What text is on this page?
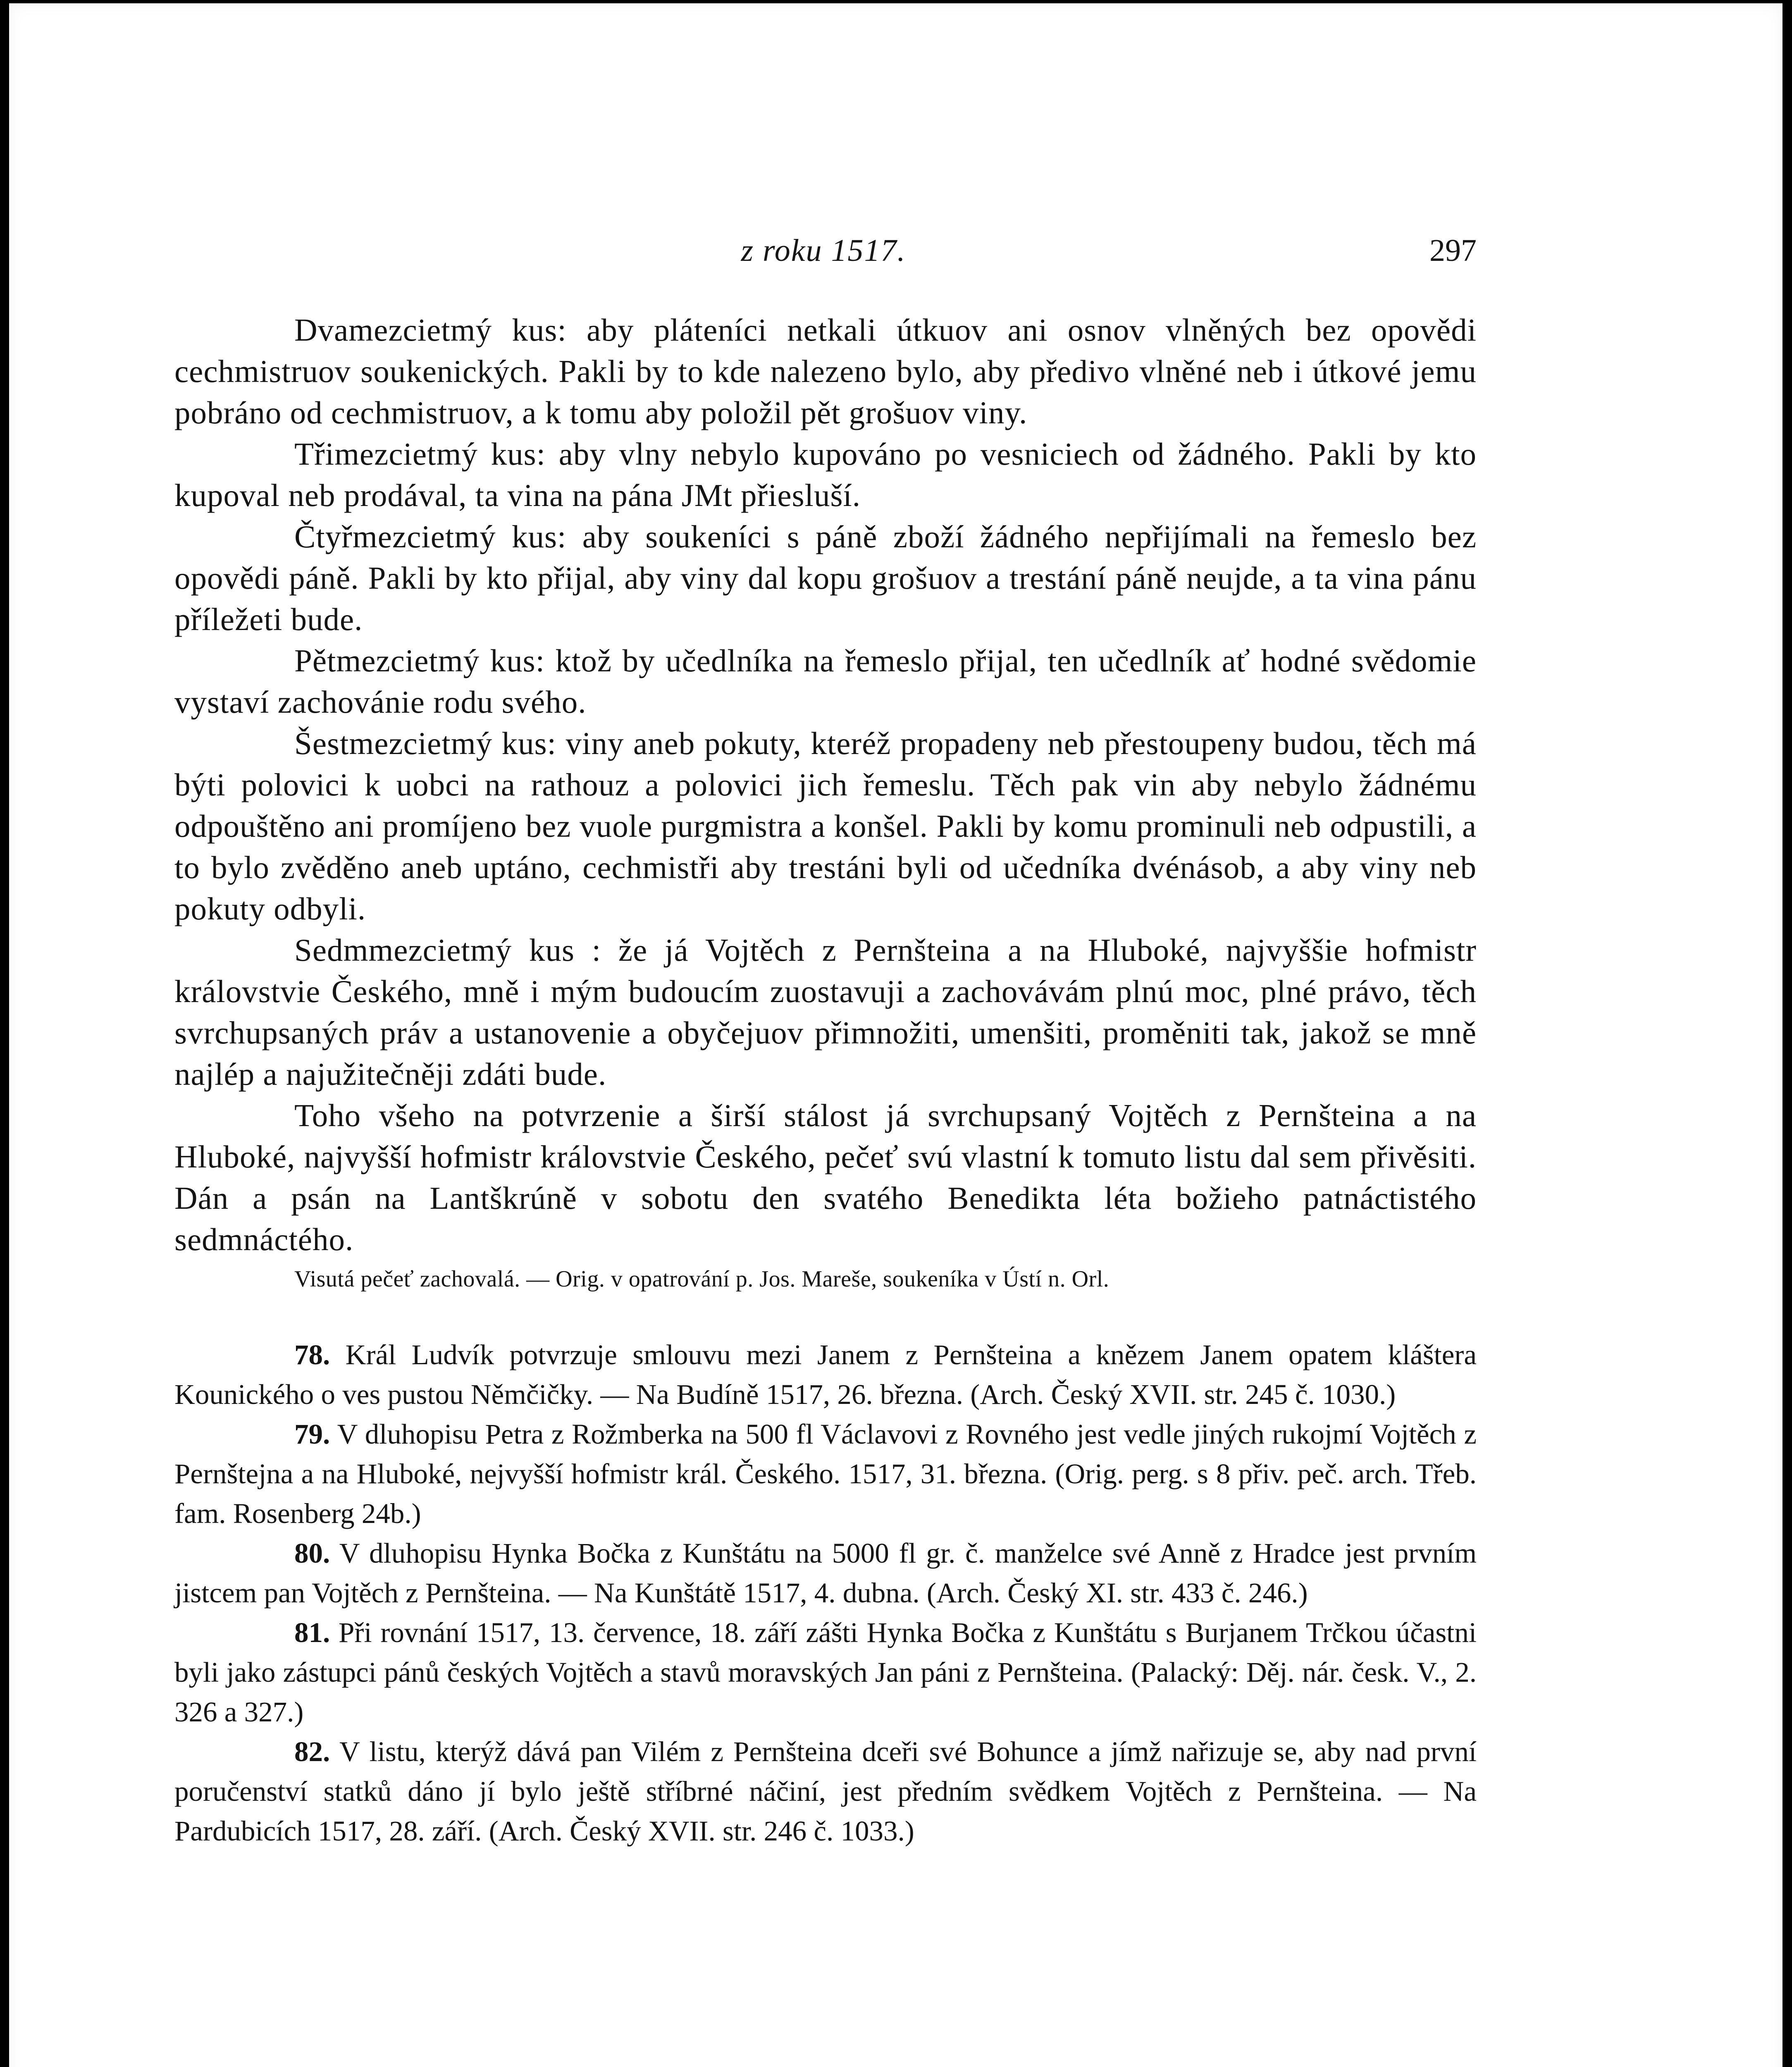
z roku 1517.	297

Dvamezcietmý kus: aby pláteníci netkali útkuov ani osnov vlněných bez opovědi cechmistruov soukenických. Pakli by to kde nalezeno bylo, aby předivo vlněné neb i útkové jemu pobráno od cechmistruov, a k tomu aby položil pět grošuov viny.

Třimezcietmý kus: aby vlny nebylo kupováno po vesniciech od žádného. Pakli by kto kupoval neb prodával, ta vina na pána JMt přiesluší.

Čtyřmezcietmý kus: aby soukeníci s páně zboží žádného nepřijímali na řemeslo bez opovědi páně. Pakli by kto přijal, aby viny dal kopu grošuov a trestání páně neujde, a ta vina pánu příležeti bude.

Pětmezcietmý kus: ktož by učedlníka na řemeslo přijal, ten učedlník ať hodné svědomie vystaví zachovánie rodu svého.

Šestmezcietmý kus: viny aneb pokuty, kteréž propadeny neb přestoupeny budou, těch má býti polovici k uobci na rathouz a polovici jich řemeslu. Těch pak vin aby nebylo žádnému odpouštěno ani promíjeno bez vuole purgmistra a konšel. Pakli by komu prominuli neb odpustili, a to bylo zvěděno aneb uptáno, cechmistři aby trestáni byli od učedníka dvénásob, a aby viny neb pokuty odbyli.

Sedmmezcietmý kus : že já Vojtěch z Pernšteina a na Hluboké, najvyššie hofmistr královstvie Českého, mně i mým budoucím zuostavuji a zachovávám plnú moc, plné právo, těch svrchupsaných práv a ustanovenie a obyčejuov přimnožiti, umenšiti, proměniti tak, jakož se mně najlép a najužitečněji zdáti bude.

Toho všeho na potvrzenie a širší stálost já svrchupsaný Vojtěch z Pernšteina a na Hluboké, najvyšší hofmistr královstvie Českého, pečeť svú vlastní k tomuto listu dal sem přivěsiti. Dán a psán na Lantškrúně v sobotu den svatého Benedikta léta božieho patnáctistého sedmnáctého.

Visutá pečeť zachovalá. — Orig. v opatrování p. Jos. Mareše, soukeníka v Ústí n. Orl.

78. Král Ludvík potvrzuje smlouvu mezi Janem z Pernšteina a knězem Janem opatem kláštera Kounického o ves pustou Němčičky. — Na Budíně 1517, 26. března. (Arch. Český XVII. str. 245 č. 1030.)

79. V dluhopisu Petra z Rožmberka na 500 fl Václavovi z Rovného jest vedle jiných rukojmí Vojtěch z Pernštejna a na Hluboké, nejvyšší hofmistr král. Českého. 1517, 31. března. (Orig. perg. s 8 přiv. peč. arch. Třeb. fam. Rosenberg 24b.)

80. V dluhopisu Hynka Bočka z Kunštátu na 5000 fl gr. č. manželce své Anně z Hradce jest prvním jistcem pan Vojtěch z Pernšteina. — Na Kunštátě 1517, 4. dubna. (Arch. Český XI. str. 433 č. 246.)

81. Při rovnání 1517, 13. července, 18. září zášti Hynka Bočka z Kunštátu s Burjanem Trčkou účastni byli jako zástupci pánů českých Vojtěch a stavů moravských Jan páni z Pernšteina. (Palacký: Děj. nár. česk. V., 2. 326 a 327.)

82. V listu, kterýž dává pan Vilém z Pernšteina dceři své Bohunce a jímž nařizuje se, aby nad první poručenství statků dáno jí bylo ještě stříbrné náčiní, jest předním svědkem Vojtěch z Pernšteina. — Na Pardubicích 1517, 28. září. (Arch. Český XVII. str. 246 č. 1033.)
